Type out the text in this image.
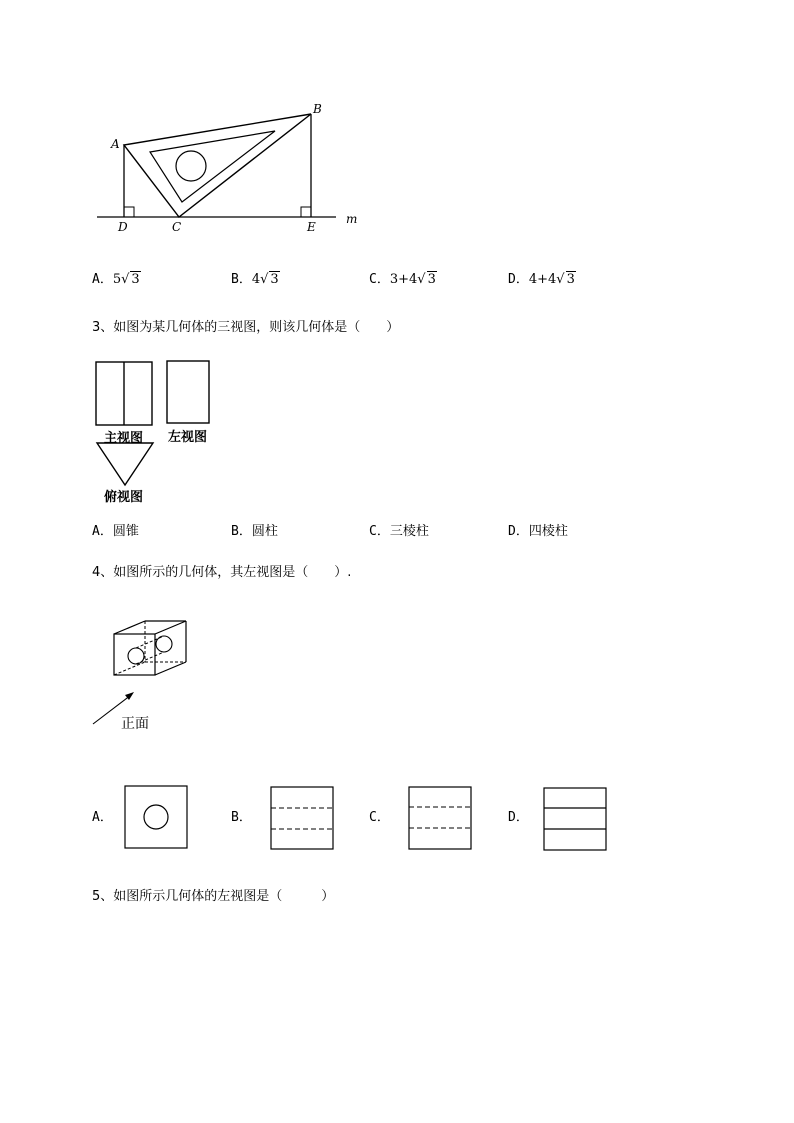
A
B
C
D	E
m
A．5√ 3	B．4√ 3	C．3+4√ 3	D．4+4√ 3
3、如图为某几何体的三视图，则该几何体是（　　）
主视图 左视图
俯视图
A．圆锥	B．圆柱	C．三棱柱	D．四棱柱
4、如图所示的几何体，其左视图是（　　）.
正面
A．	B．	C．	D．
5、如图所示几何体的左视图是（　　　）
